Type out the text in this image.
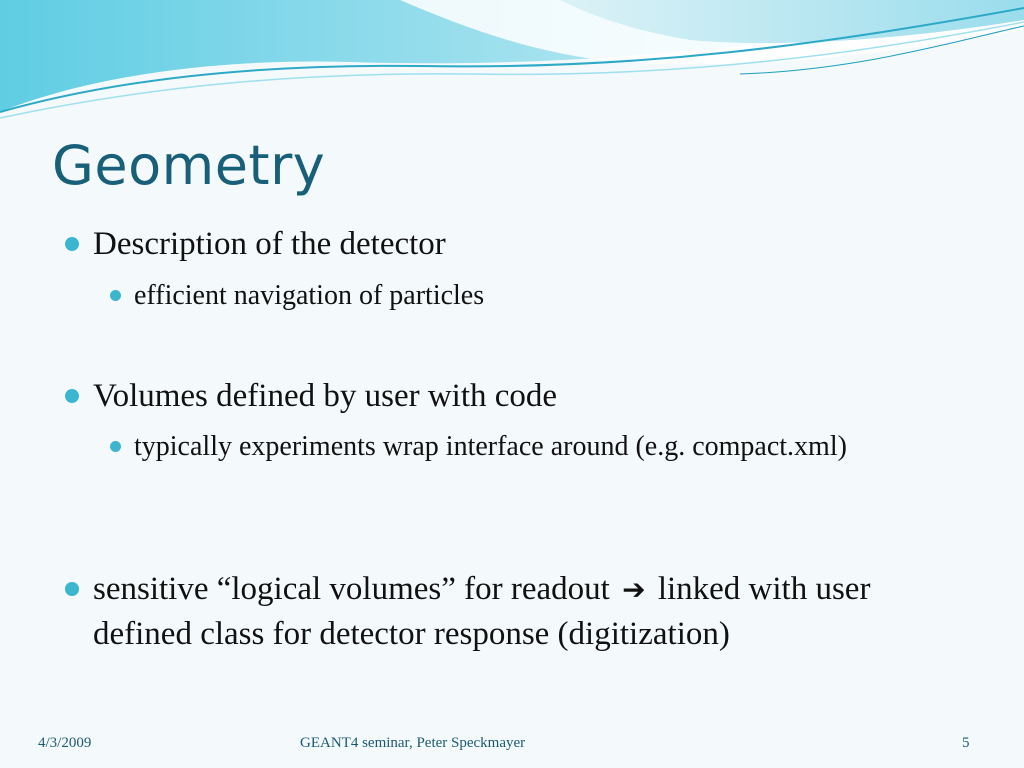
Geometry
Description of the detector
efficient navigation of particles
Volumes defined by user with code
typically experiments wrap interface around (e.g. compact.xml)
sensitive “logical volumes” for readout ➔ linked with user defined class for detector response (digitization)
4/3/2009	GEANT4 seminar, Peter Speckmayer	5
